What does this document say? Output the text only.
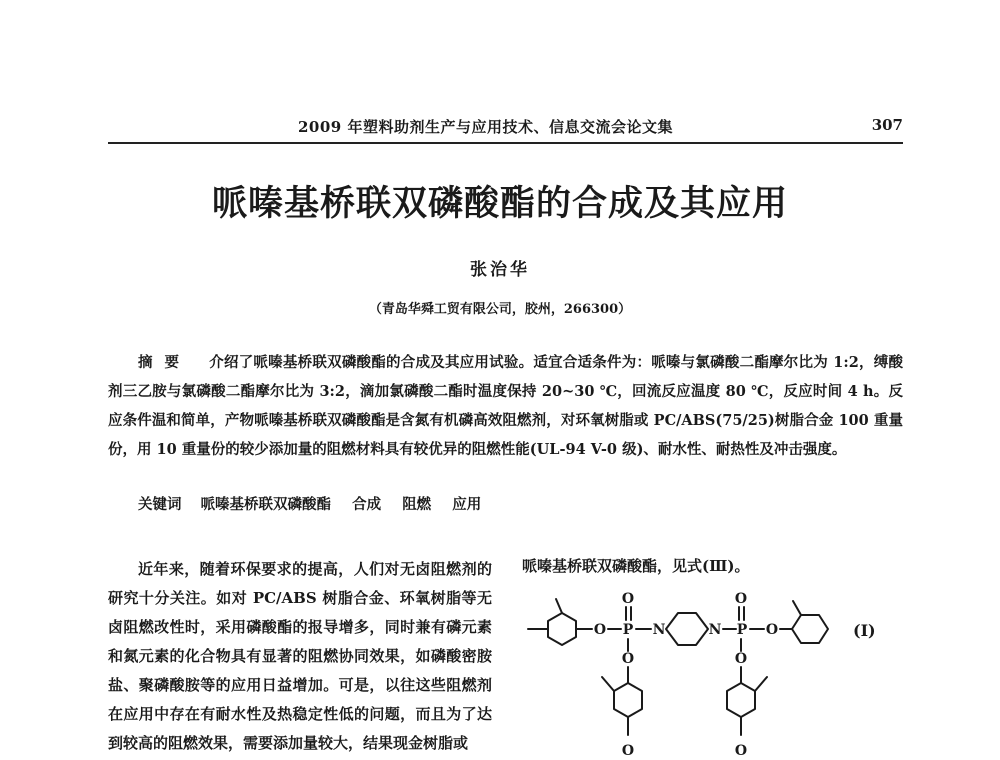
2009 年塑料助剂生产与应用技术、信息交流会论文集	307
哌嗪基桥联双磷酸酯的合成及其应用
张治华
（青岛华舜工贸有限公司，胶州，266300）
摘要 介绍了哌嗪基桥联双磷酸酯的合成及其应用试验。适宜合适条件为：哌嗪与氯磷酸二酯摩尔比为 1:2，缚酸剂三乙胺与氯磷酸二酯摩尔比为 3:2，滴加氯磷酸二酯时温度保持 20~30 ℃，回流反应温度 80 ℃，反应时间 4 h。反应条件温和简单，产物哌嗪基桥联双磷酸酯是含氮有机磷高效阻燃剂，对环氧树脂或 PC/ABS(75/25)树脂合金 100 重量份，用 10 重量份的较少添加量的阻燃材料具有较优异的阻燃性能(UL-94 V-0 级)、耐水性、耐热性及冲击强度。
关键词 哌嗪基桥联双磷酸酯 合成 阻燃 应用

近年来，随着环保要求的提高，人们对无卤阻燃剂的研究十分关注。如对 PC/ABS 树脂合金、环氧树脂等无卤阻燃改性时，采用磷酸酯的报导增多，同时兼有磷元素和氮元素的化合物具有显著的阻燃协同效果，如磷酸密胺盐、聚磷酸胺等的应用日益增加。可是，以往这些阻燃剂在应用中存在有耐水性及热稳定性低的问题，而且为了达到较高的阻燃效果，需要添加量较大，结果现金树脂或

哌嗪基桥联双磷酸酯，见式(Ⅲ)。
O
O
P
O
N	N
O
P
O
O
O	O
(Ⅰ)
